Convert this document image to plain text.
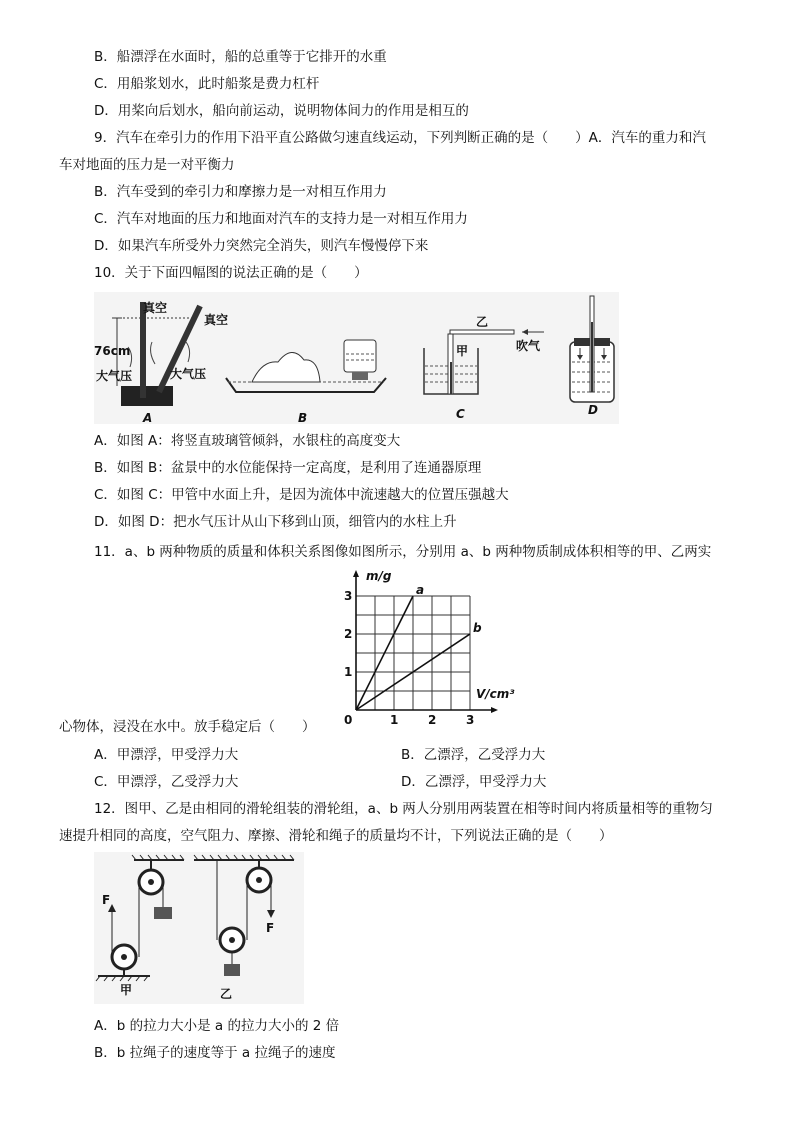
B．船漂浮在水面时，船的总重等于它排开的水重
C．用船浆划水，此时船浆是费力杠杆
D．用桨向后划水，船向前运动，说明物体间力的作用是相互的
9．汽车在牵引力的作用下沿平直公路做匀速直线运动，下列判断正确的是（　　）A．汽车的重力和汽
车对地面的压力是一对平衡力
B．汽车受到的牵引力和摩擦力是一对相互作用力
C．汽车对地面的压力和地面对汽车的支持力是一对相互作用力
D．如果汽车所受外力突然完全消失，则汽车慢慢停下来
10．关于下面四幅图的说法正确的是（　　）
真空
真空
76cm
大气压	大气压
A	B
甲
乙
吹气
C	D
A．如图 A：将竖直玻璃管倾斜，水银柱的高度变大
B．如图 B：盆景中的水位能保持一定高度，是利用了连通器原理
C．如图 C：甲管中水面上升，是因为流体中流速越大的位置压强越大
D．如图 D：把水气压计从山下移到山顶，细管内的水柱上升
11．a、b 两种物质的质量和体积关系图像如图所示，分别用 a、b 两种物质制成体积相等的甲、乙两实
m/g
V/cm³
a
b
0	1 2 3
1
2
3
心物体，浸没在水中。放手稳定后（　　）
A．甲漂浮，甲受浮力大	B．乙漂浮，乙受浮力大
C．甲漂浮，乙受浮力大	D．乙漂浮，甲受浮力大
12．图甲、乙是由相同的滑轮组装的滑轮组，a、b 两人分别用两装置在相等时间内将质量相等的重物匀
速提升相同的高度，空气阻力、摩擦、滑轮和绳子的质量均不计，下列说法正确的是（　　）
F
甲
F
乙
A．b 的拉力大小是 a 的拉力大小的 2 倍
B．b 拉绳子的速度等于 a 拉绳子的速度
